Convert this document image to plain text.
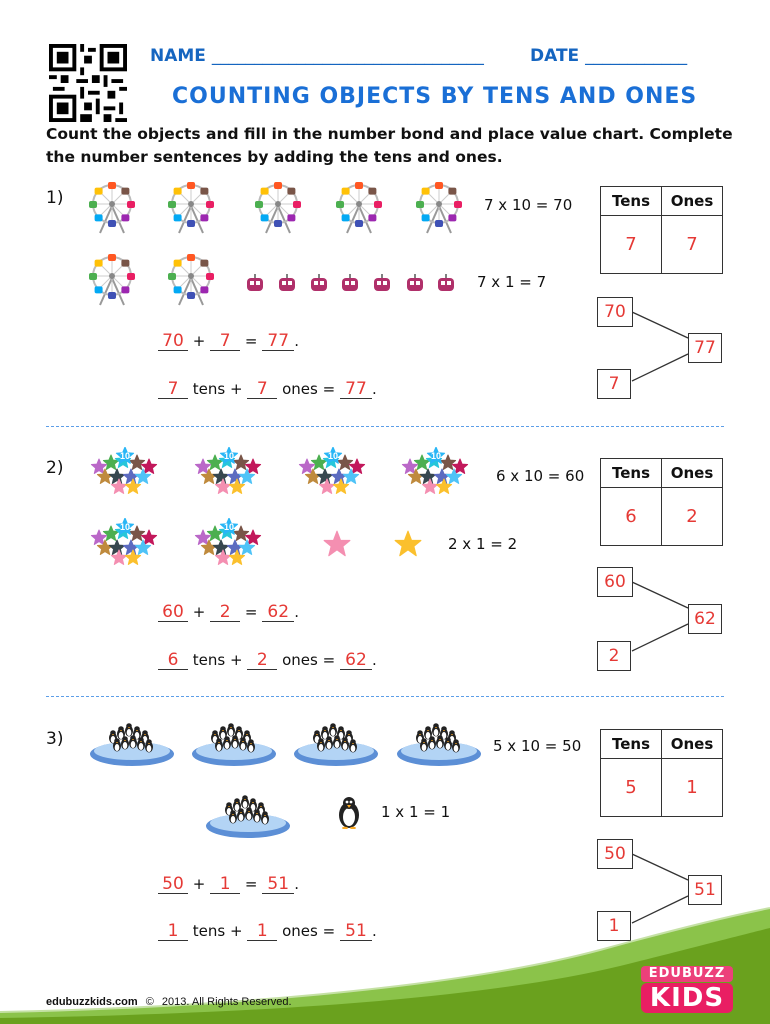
NAME ________________________________	DATE ____________
COUNTING OBJECTS BY TENS AND ONES
Count the objects and fill in the number bond and place value chart. Complete the number sentences by adding the tens and ones.
1)	7 x 10 = 70
7 x 1 = 7
Tens	Ones
7	7
70
77
7
70 + 7 = 77 .
7 tens + 7 ones = 77 .
2)
10	10	10	10
10	10
6 x 10 = 60
2 x 1 = 2
Tens	Ones
6	2
60
62
2
60 + 2 = 62 .
6 tens + 2 ones = 62 .
3)	5 x 10 = 50
1 x 1 = 1
Tens	Ones
5	1
50
51
1
50 + 1 = 51 .
1 tens + 1 ones = 51 .
EDUBUZZ
KIDS
edubuzzkids.com © 2013. All Rights Reserved.
